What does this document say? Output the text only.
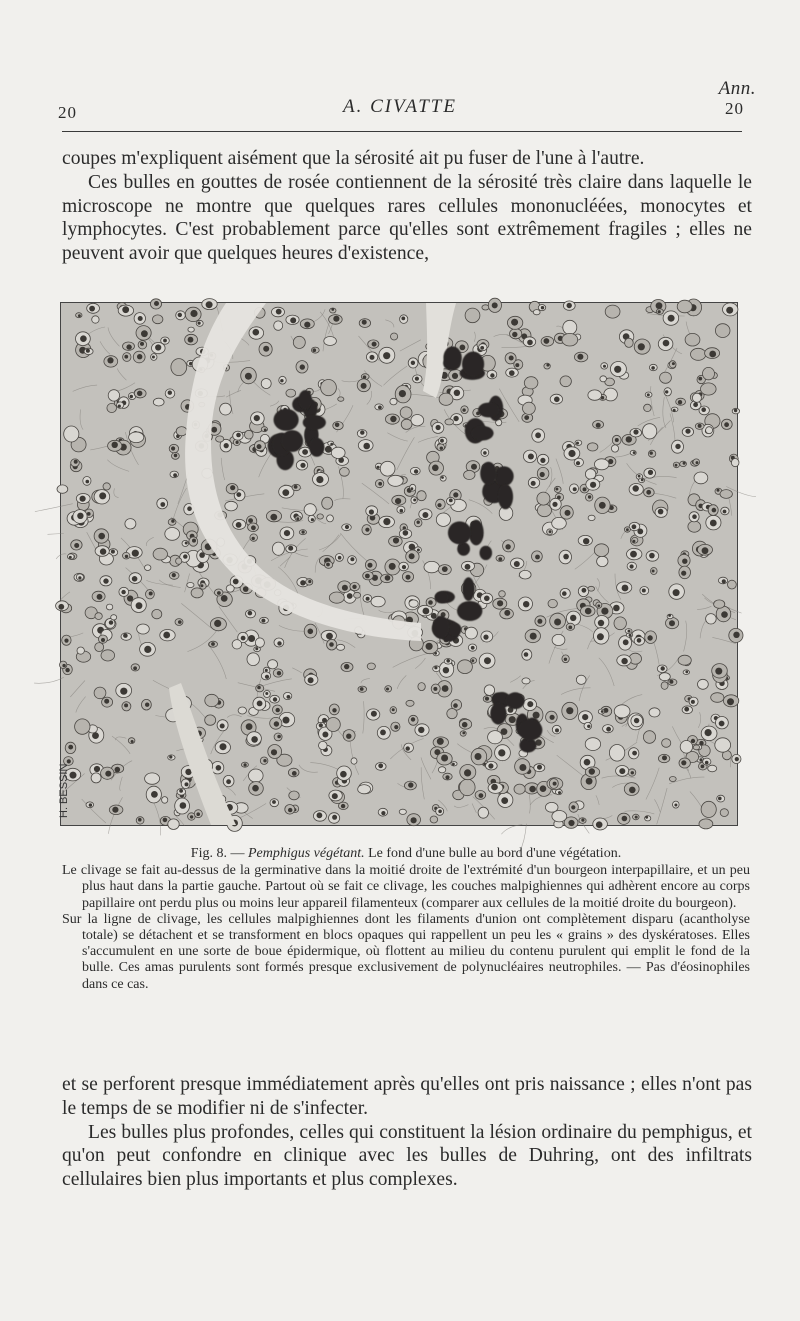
Ann.
20	A. CIVATTE	20

coupes m'expliquent aisément que la sérosité ait pu fuser de l'une à l'autre.

Ces bulles en gouttes de rosée contiennent de la sérosité très claire dans laquelle le microscope ne montre que quelques rares cellules mononucléées, monocytes et lymphocytes. C'est probablement parce qu'elles sont extrêmement fragiles ; elles ne peuvent avoir que quelques heures d'existence,

H. BESSIN

Fig. 8. — Pemphigus végétant. Le fond d'une bulle au bord d'une végétation.

Le clivage se fait au-dessus de la germinative dans la moitié droite de l'extrémité d'un bourgeon interpapillaire, et un peu plus haut dans la partie gauche. Partout où se fait ce clivage, les couches malpighiennes qui adhèrent encore au corps papillaire ont perdu plus ou moins leur appareil filamenteux (comparer aux cellules de la moitié droite du bourgeon).

Sur la ligne de clivage, les cellules malpighiennes dont les filaments d'union ont complètement disparu (acantholyse totale) se détachent et se transforment en blocs opaques qui rappellent un peu les « grains » des dyskératoses. Elles s'accumulent en une sorte de boue épidermique, où flottent au milieu du contenu purulent qui emplit le fond de la bulle. Ces amas purulents sont formés presque exclusivement de polynucléaires neutrophiles. — Pas d'éosinophiles dans ce cas.

et se perforent presque immédiatement après qu'elles ont pris naissance ; elles n'ont pas le temps de se modifier ni de s'infecter.

Les bulles plus profondes, celles qui constituent la lésion ordinaire du pemphigus, et qu'on peut confondre en clinique avec les bulles de Duhring, ont des infiltrats cellulaires bien plus importants et plus complexes.
